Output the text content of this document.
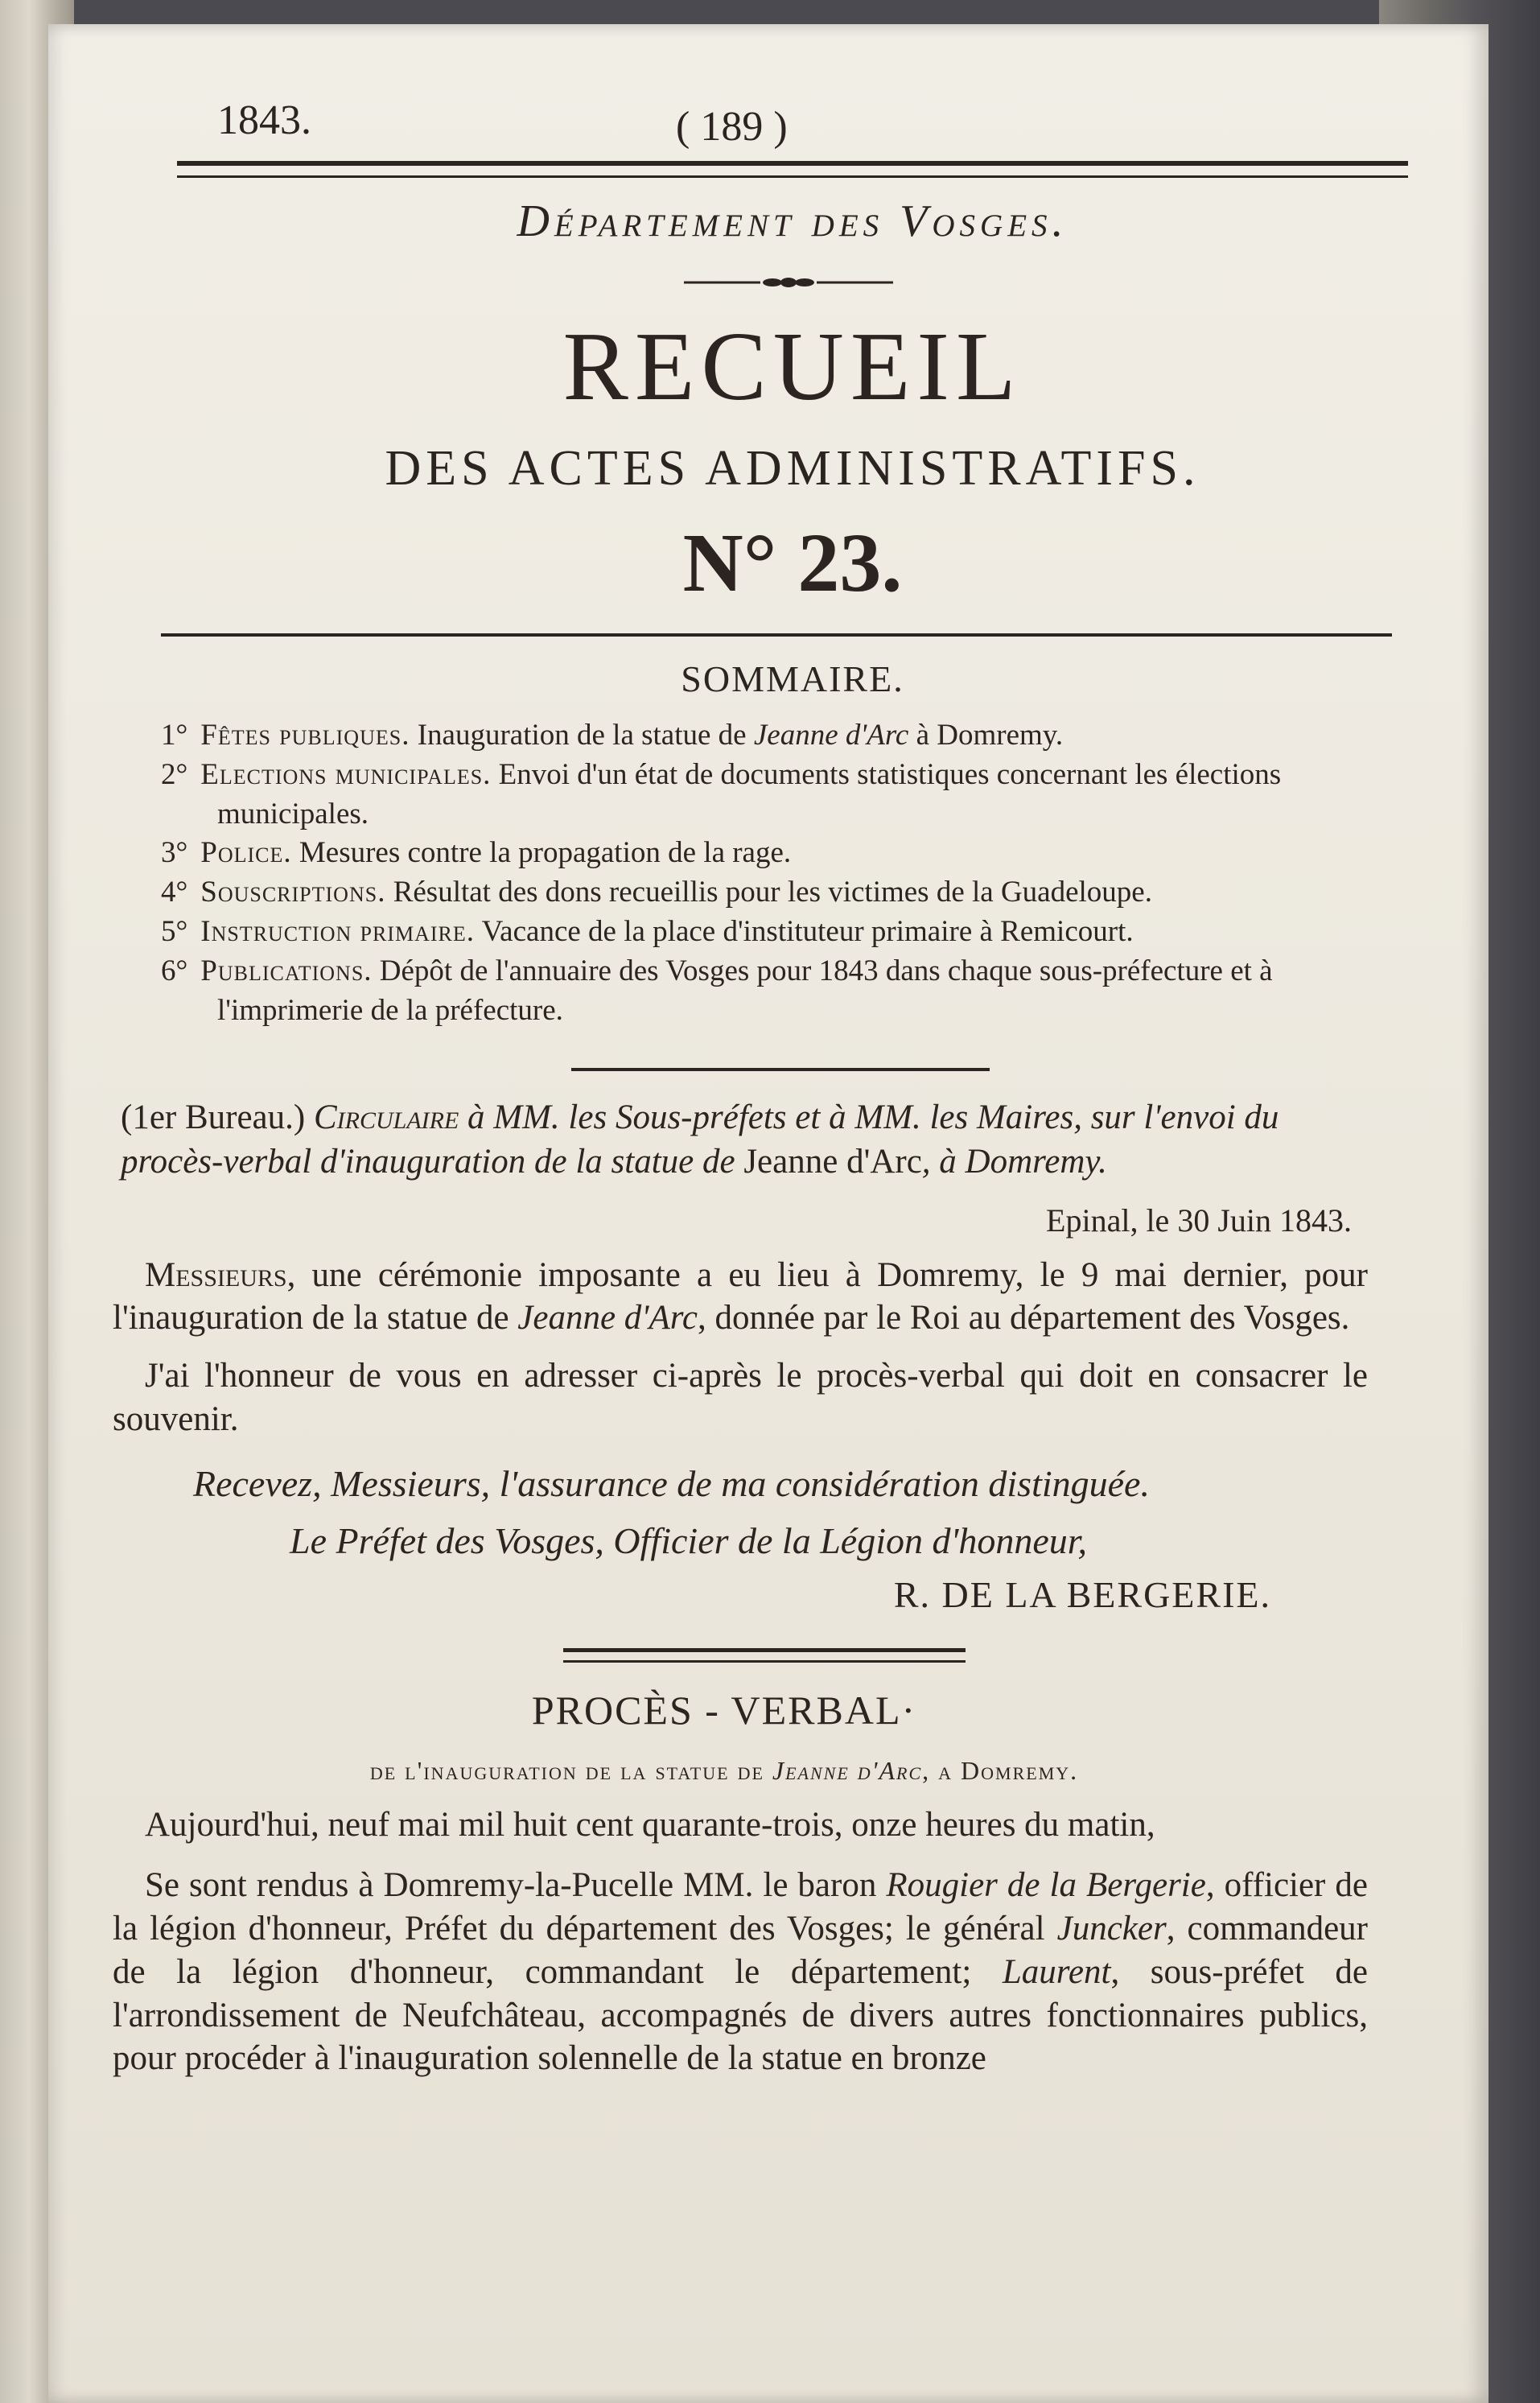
1843.	( 189 )
Département des Vosges.
RECUEIL
DES ACTES ADMINISTRATIFS.
N° 23.
SOMMAIRE.
1° Fêtes publiques. Inauguration de la statue de Jeanne d'Arc à Domremy.
2° Elections municipales. Envoi d'un état de documents statistiques concernant les élections municipales.
3° Police. Mesures contre la propagation de la rage.
4° Souscriptions. Résultat des dons recueillis pour les victimes de la Guadeloupe.
5° Instruction primaire. Vacance de la place d'instituteur primaire à Remicourt.
6° Publications. Dépôt de l'annuaire des Vosges pour 1843 dans chaque sous-préfecture et à l'imprimerie de la préfecture.
(1er Bureau.) Circulaire à MM. les Sous-préfets et à MM. les Maires, sur l'envoi du procès-verbal d'inauguration de la statue de Jeanne d'Arc, à Domremy.
Epinal, le 30 Juin 1843.
Messieurs, une cérémonie imposante a eu lieu à Domremy, le 9 mai dernier, pour l'inauguration de la statue de Jeanne d'Arc, donnée par le Roi au département des Vosges.
J'ai l'honneur de vous en adresser ci-après le procès-verbal qui doit en consacrer le souvenir.
Recevez, Messieurs, l'assurance de ma considération distinguée.
Le Préfet des Vosges, Officier de la Légion d'honneur,
R. DE LA BERGERIE.
PROCÈS - VERBAL·
de l'inauguration de la statue de Jeanne d'Arc, a Domremy.
Aujourd'hui, neuf mai mil huit cent quarante-trois, onze heures du matin,
Se sont rendus à Domremy-la-Pucelle MM. le baron Rougier de la Bergerie, officier de la légion d'honneur, Préfet du département des Vosges; le général Juncker, commandeur de la légion d'honneur, commandant le département; Laurent, sous-préfet de l'arrondissement de Neufchâteau, accompagnés de divers autres fonctionnaires publics, pour procéder à l'inauguration solennelle de la statue en bronze
